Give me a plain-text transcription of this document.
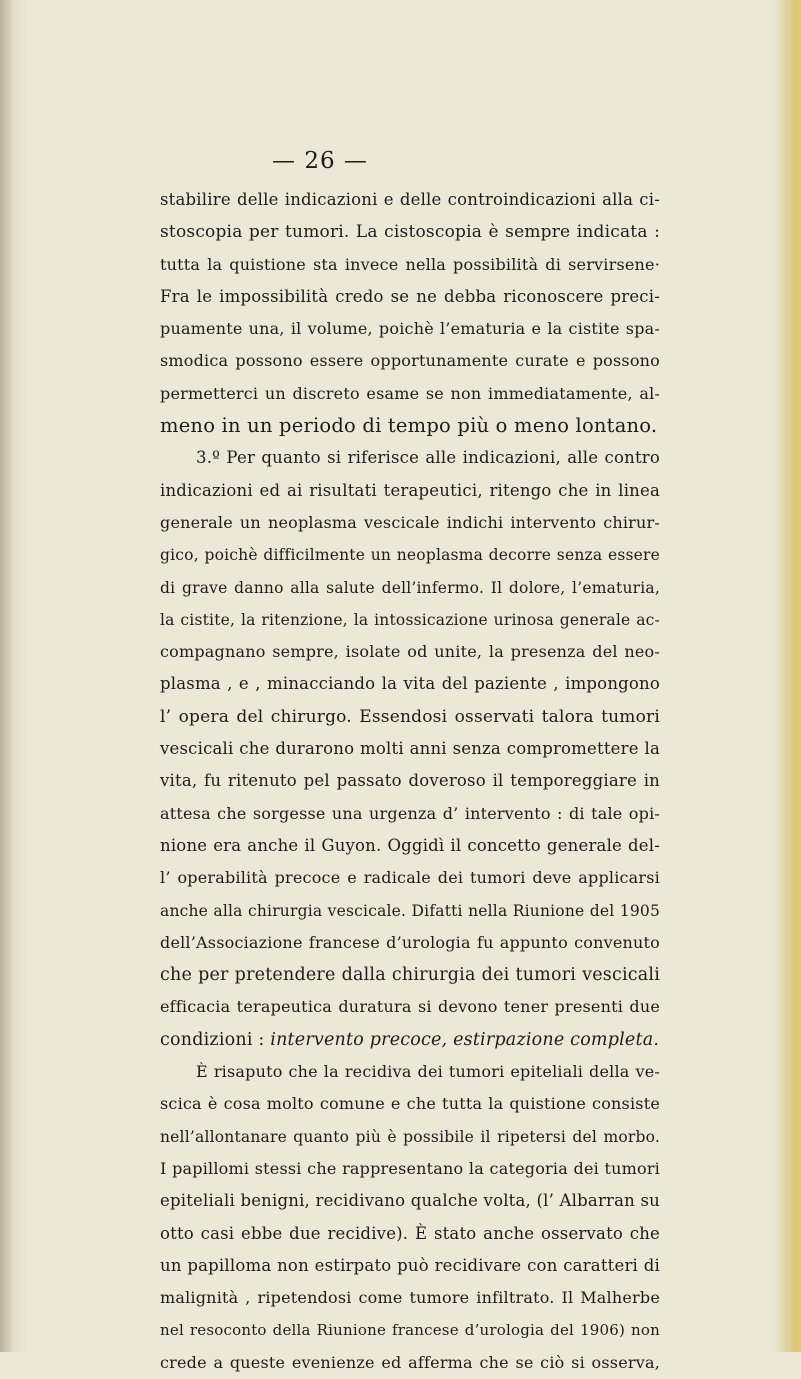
— 26 —
stabilire delle indicazioni e delle controindicazioni alla ci-
stoscopia per tumori. La cistoscopia è sempre indicata :
tutta la quistione sta invece nella possibilità di servirsene·
Fra le impossibilità credo se ne debba riconoscere preci-
puamente una, il volume, poichè l’ematuria e la cistite spa-
smodica possono essere opportunamente curate e possono
permetterci un discreto esame se non immediatamente, al-
meno in un periodo di tempo più o meno lontano.
3.º Per quanto si riferisce alle indicazioni, alle contro
indicazioni ed ai risultati terapeutici, ritengo che in linea
generale un neoplasma vescicale indichi intervento chirur-
gico, poichè difficilmente un neoplasma decorre senza essere
di grave danno alla salute dell’infermo. Il dolore, l’ematuria,
la cistite, la ritenzione, la intossicazione urinosa generale ac-
compagnano sempre, isolate od unite, la presenza del neo-
plasma , e , minacciando la vita del paziente , impongono
l’ opera del chirurgo. Essendosi osservati talora tumori
vescicali che durarono molti anni senza compromettere la
vita, fu ritenuto pel passato doveroso il temporeggiare in
attesa che sorgesse una urgenza d’ intervento : di tale opi-
nione era anche il Guyon. Oggidì il concetto generale del-
l’ operabilità precoce e radicale dei tumori deve applicarsi
anche alla chirurgia vescicale. Difatti nella Riunione del 1905
dell’Associazione francese d’urologia fu appunto convenuto
che per pretendere dalla chirurgia dei tumori vescicali
efficacia terapeutica duratura si devono tener presenti due
condizioni : intervento precoce, estirpazione completa.
È risaputo che la recidiva dei tumori epiteliali della ve-
scica è cosa molto comune e che tutta la quistione consiste
nell’allontanare quanto più è possibile il ripetersi del morbo.
I papillomi stessi che rappresentano la categoria dei tumori
epiteliali benigni, recidivano qualche volta, (l’ Albarran su
otto casi ebbe due recidive). È stato anche osservato che
un papilloma non estirpato può recidivare con caratteri di
malignità , ripetendosi come tumore infiltrato. Il Malherbe
nel resoconto della Riunione francese d’urologia del 1906) non
crede a queste evenienze ed afferma che se ciò si osserva,
